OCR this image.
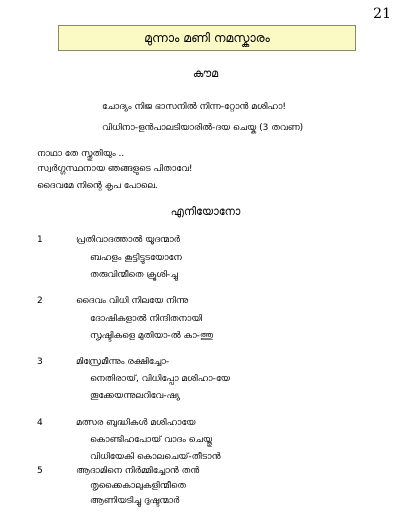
21
മുന്നാം മണി നമസ്കാരം
കൗമ
ചോദ്യം നിജ ഭാസനിൽ നിന്ന-റ്റോൻ മശിഹാ!
വിധിനാ-ളൻപാലടിയാരിൽ-ദയ ചെയ്ക (3 തവണ)
നാഥാ തേ സ്തുതിയും ..
സ്വർഗ്ഗസ്ഥനായ ഞങ്ങളുടെ പിതാവേ!
ദൈവമേ നിന്റെ കൃപ പോലെ.
എനിയോനോ
1	പ്രതിവാദത്താൽ യൂദന്മാർ
ബഹളം കൂട്ടിട്ടുടയോനേ
തരുവിന്മീതെ ക്രൂശി-ച്ചു
2	ദൈവം വിധി നിലയേ നിന്നു
ദോഷികളാൽ നിന്ദിതനായി
സൃഷ്ടികളെ മുതിയാ-ൽ കാ-ത്തു
3	മിസ്രേമീന്നും രക്ഷിച്ചോ-
നെതിരായ്, വിധിപ്പോ മശിഹാ-യേ
തൂക്കേയന്നുലറിവേ-ഷ്യ
4	മത്സര ബുദ്ധികൾ മശിഹായേ
കൊണ്ടിഹപോയ് വാദം ചെയ്തു
വിധിയേകി കൊലചെയ്-തീടാൻ
5	ആദാമിനെ നിർമ്മിച്ചോൻ തൻ
തൃക്കൈകാലുകളിന്മീതെ
ആണിയടിച്ചു ദുഷ്ടന്മാർ
